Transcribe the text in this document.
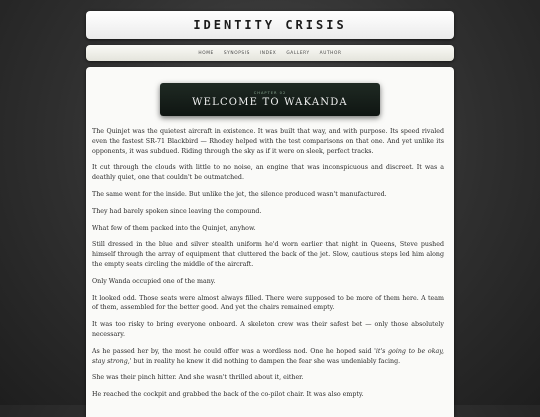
IDENTITY CRISIS
HOME SYNOPSIS INDEX GALLERY AUTHOR
CHAPTER 02
WELCOME TO WAKANDA

The Quinjet was the quietest aircraft in existence. It was built that way, and with purpose. Its speed rivaled even the fastest SR-71 Blackbird — Rhodey helped with the test comparisons on that one. And yet unlike its opponents, it was subdued. Riding through the sky as if it were on sleek, perfect tracks.

It cut through the clouds with little to no noise, an engine that was inconspicuous and discreet. It was a deathly quiet, one that couldn't be outmatched.

The same went for the inside. But unlike the jet, the silence produced wasn't manufactured.

They had barely spoken since leaving the compound.

What few of them packed into the Quinjet, anyhow.

Still dressed in the blue and silver stealth uniform he'd worn earlier that night in Queens, Steve pushed himself through the array of equipment that cluttered the back of the jet. Slow, cautious steps led him along the empty seats circling the middle of the aircraft.

Only Wanda occupied one of the many.

It looked odd. Those seats were almost always filled. There were supposed to be more of them here. A team of them, assembled for the better good. And yet the chairs remained empty.

It was too risky to bring everyone onboard. A skeleton crew was their safest bet — only those absolutely necessary.

As he passed her by, the most he could offer was a wordless nod. One he hoped said 'it's going to be okay, stay strong,' but in reality he knew it did nothing to dampen the fear she was undeniably facing.

She was their pinch hitter. And she wasn't thrilled about it, either.

He reached the cockpit and grabbed the back of the co-pilot chair. It was also empty.
